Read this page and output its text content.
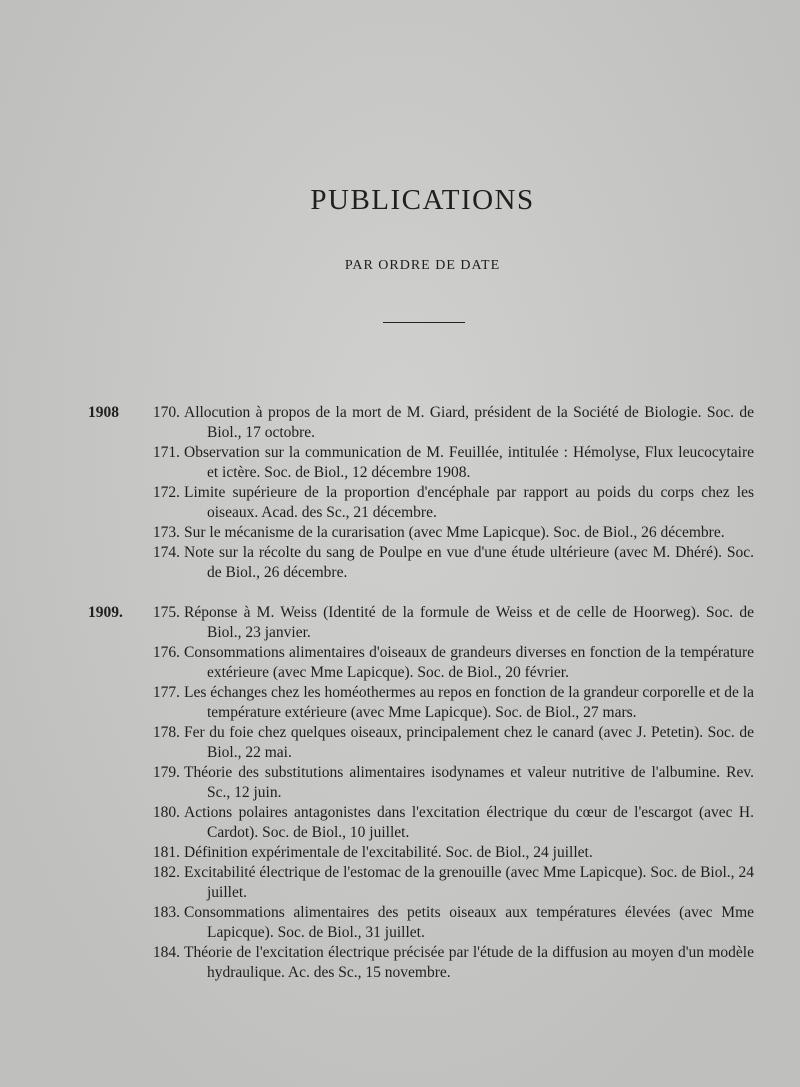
PUBLICATIONS
PAR ORDRE DE DATE
1908	170. Allocution à propos de la mort de M. Giard, président de la Société de Biologie. Soc. de Biol., 17 octobre.
171. Observation sur la communication de M. Feuillée, intitulée : Hémolyse, Flux leucocytaire et ictère. Soc. de Biol., 12 décembre 1908.
172. Limite supérieure de la proportion d'encéphale par rapport au poids du corps chez les oiseaux. Acad. des Sc., 21 décembre.
173. Sur le mécanisme de la curarisation (avec Mme Lapicque). Soc. de Biol., 26 décembre.
174. Note sur la récolte du sang de Poulpe en vue d'une étude ultérieure (avec M. Dhéré). Soc. de Biol., 26 décembre.
1909.	175. Réponse à M. Weiss (Identité de la formule de Weiss et de celle de Hoorweg). Soc. de Biol., 23 janvier.
176. Consommations alimentaires d'oiseaux de grandeurs diverses en fonction de la température extérieure (avec Mme Lapicque). Soc. de Biol., 20 février.
177. Les échanges chez les homéothermes au repos en fonction de la grandeur corporelle et de la température extérieure (avec Mme Lapicque). Soc. de Biol., 27 mars.
178. Fer du foie chez quelques oiseaux, principalement chez le canard (avec J. Petetin). Soc. de Biol., 22 mai.
179. Théorie des substitutions alimentaires isodynames et valeur nutritive de l'albumine. Rev. Sc., 12 juin.
180. Actions polaires antagonistes dans l'excitation électrique du cœur de l'escargot (avec H. Cardot). Soc. de Biol., 10 juillet.
181. Définition expérimentale de l'excitabilité. Soc. de Biol., 24 juillet.
182. Excitabilité électrique de l'estomac de la grenouille (avec Mme Lapicque). Soc. de Biol., 24 juillet.
183. Consommations alimentaires des petits oiseaux aux températures élevées (avec Mme Lapicque). Soc. de Biol., 31 juillet.
184. Théorie de l'excitation électrique précisée par l'étude de la diffusion au moyen d'un modèle hydraulique. Ac. des Sc., 15 novembre.
